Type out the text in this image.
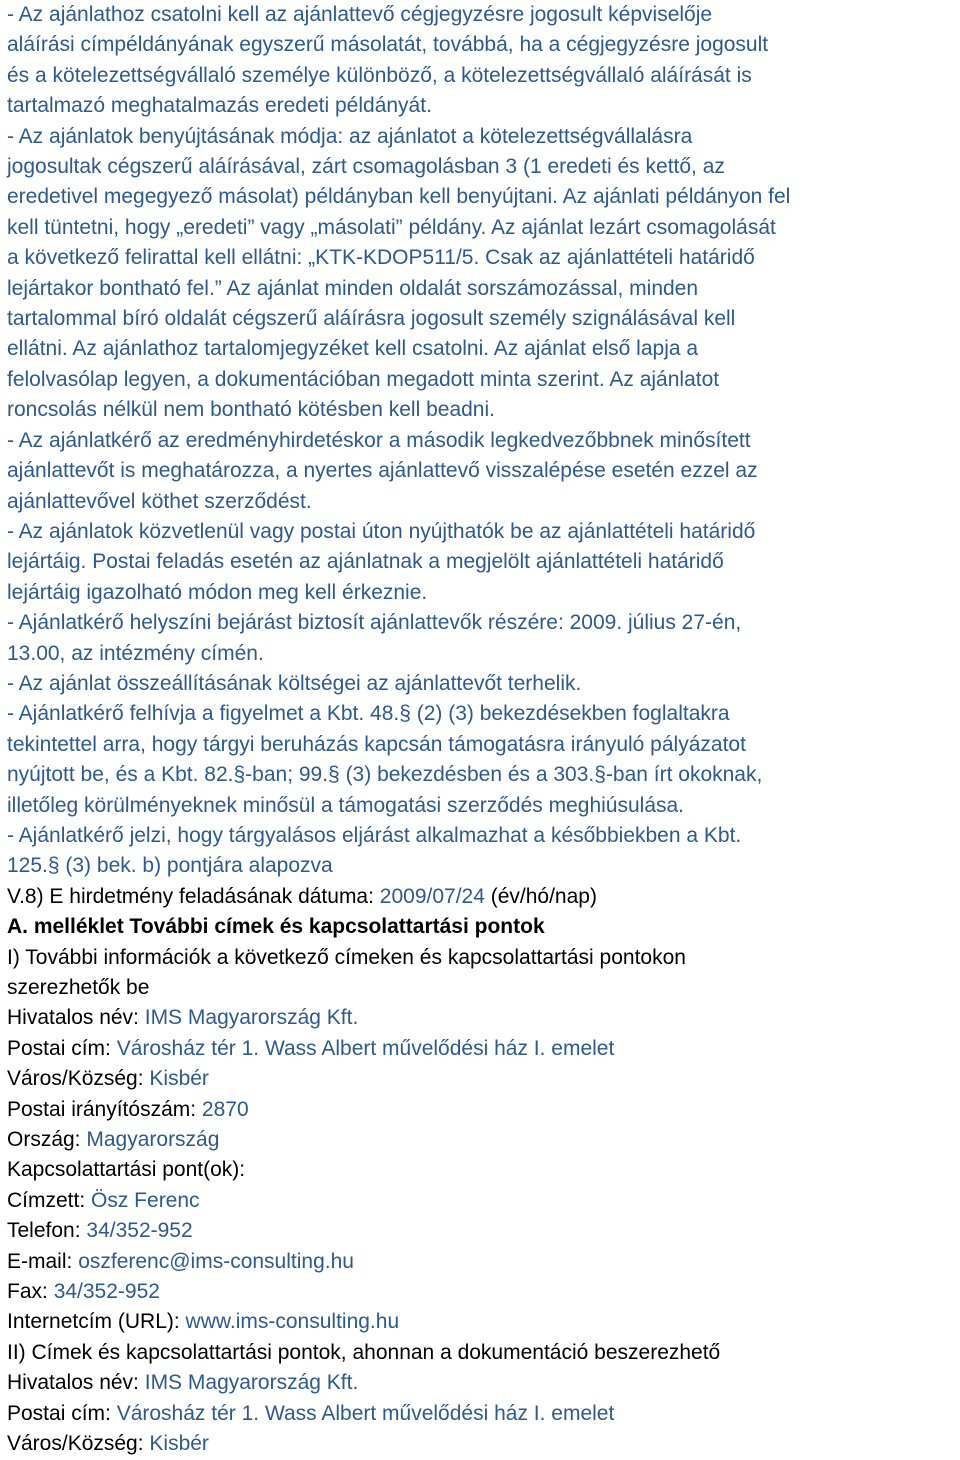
- Az ajánlathoz csatolni kell az ajánlattevő cégjegyzésre jogosult képviselője
aláírási címpéldányának egyszerű másolatát, továbbá, ha a cégjegyzésre jogosult
és a kötelezettségvállaló személye különböző, a kötelezettségvállaló aláírását is
tartalmazó meghatalmazás eredeti példányát.
- Az ajánlatok benyújtásának módja: az ajánlatot a kötelezettségvállalásra
jogosultak cégszerű aláírásával, zárt csomagolásban 3 (1 eredeti és kettő, az
eredetivel megegyező másolat) példányban kell benyújtani. Az ajánlati példányon fel
kell tüntetni, hogy „eredeti” vagy „másolati” példány. Az ajánlat lezárt csomagolását
a következő felirattal kell ellátni: „KTK-KDOP511/5. Csak az ajánlattételi határidő
lejártakor bontható fel.” Az ajánlat minden oldalát sorszámozással, minden
tartalommal bíró oldalát cégszerű aláírásra jogosult személy szignálásával kell
ellátni. Az ajánlathoz tartalomjegyzéket kell csatolni. Az ajánlat első lapja a
felolvasólap legyen, a dokumentációban megadott minta szerint. Az ajánlatot
roncsolás nélkül nem bontható kötésben kell beadni.
- Az ajánlatkérő az eredményhirdetéskor a második legkedvezőbbnek minősített
ajánlattevőt is meghatározza, a nyertes ajánlattevő visszalépése esetén ezzel az
ajánlattevővel köthet szerződést.
- Az ajánlatok közvetlenül vagy postai úton nyújthatók be az ajánlattételi határidő
lejártáig. Postai feladás esetén az ajánlatnak a megjelölt ajánlattételi határidő
lejártáig igazolható módon meg kell érkeznie.
- Ajánlatkérő helyszíni bejárást biztosít ajánlattevők részére: 2009. július 27-én,
13.00, az intézmény címén.
- Az ajánlat összeállításának költségei az ajánlattevőt terhelik.
- Ajánlatkérő felhívja a figyelmet a Kbt. 48.§ (2) (3) bekezdésekben foglaltakra
tekintettel arra, hogy tárgyi beruházás kapcsán támogatásra irányuló pályázatot
nyújtott be, és a Kbt. 82.§-ban; 99.§ (3) bekezdésben és a 303.§-ban írt okoknak,
illetőleg körülményeknek minősül a támogatási szerződés meghiúsulása.
- Ajánlatkérő jelzi, hogy tárgyalásos eljárást alkalmazhat a későbbiekben a Kbt.
125.§ (3) bek. b) pontjára alapozva
V.8) E hirdetmény feladásának dátuma: 2009/07/24 (év/hó/nap)
A. melléklet További címek és kapcsolattartási pontok
I) További információk a következő címeken és kapcsolattartási pontokon
szerezhetők be
Hivatalos név: IMS Magyarország Kft.
Postai cím: Városház tér 1. Wass Albert művelődési ház I. emelet
Város/Község: Kisbér
Postai irányítószám: 2870
Ország: Magyarország
Kapcsolattartási pont(ok):
Címzett: Ösz Ferenc
Telefon: 34/352-952
E-mail: oszferenc@ims-consulting.hu
Fax: 34/352-952
Internetcím (URL): www.ims-consulting.hu
II) Címek és kapcsolattartási pontok, ahonnan a dokumentáció beszerezhető
Hivatalos név: IMS Magyarország Kft.
Postai cím: Városház tér 1. Wass Albert művelődési ház I. emelet
Város/Község: Kisbér
